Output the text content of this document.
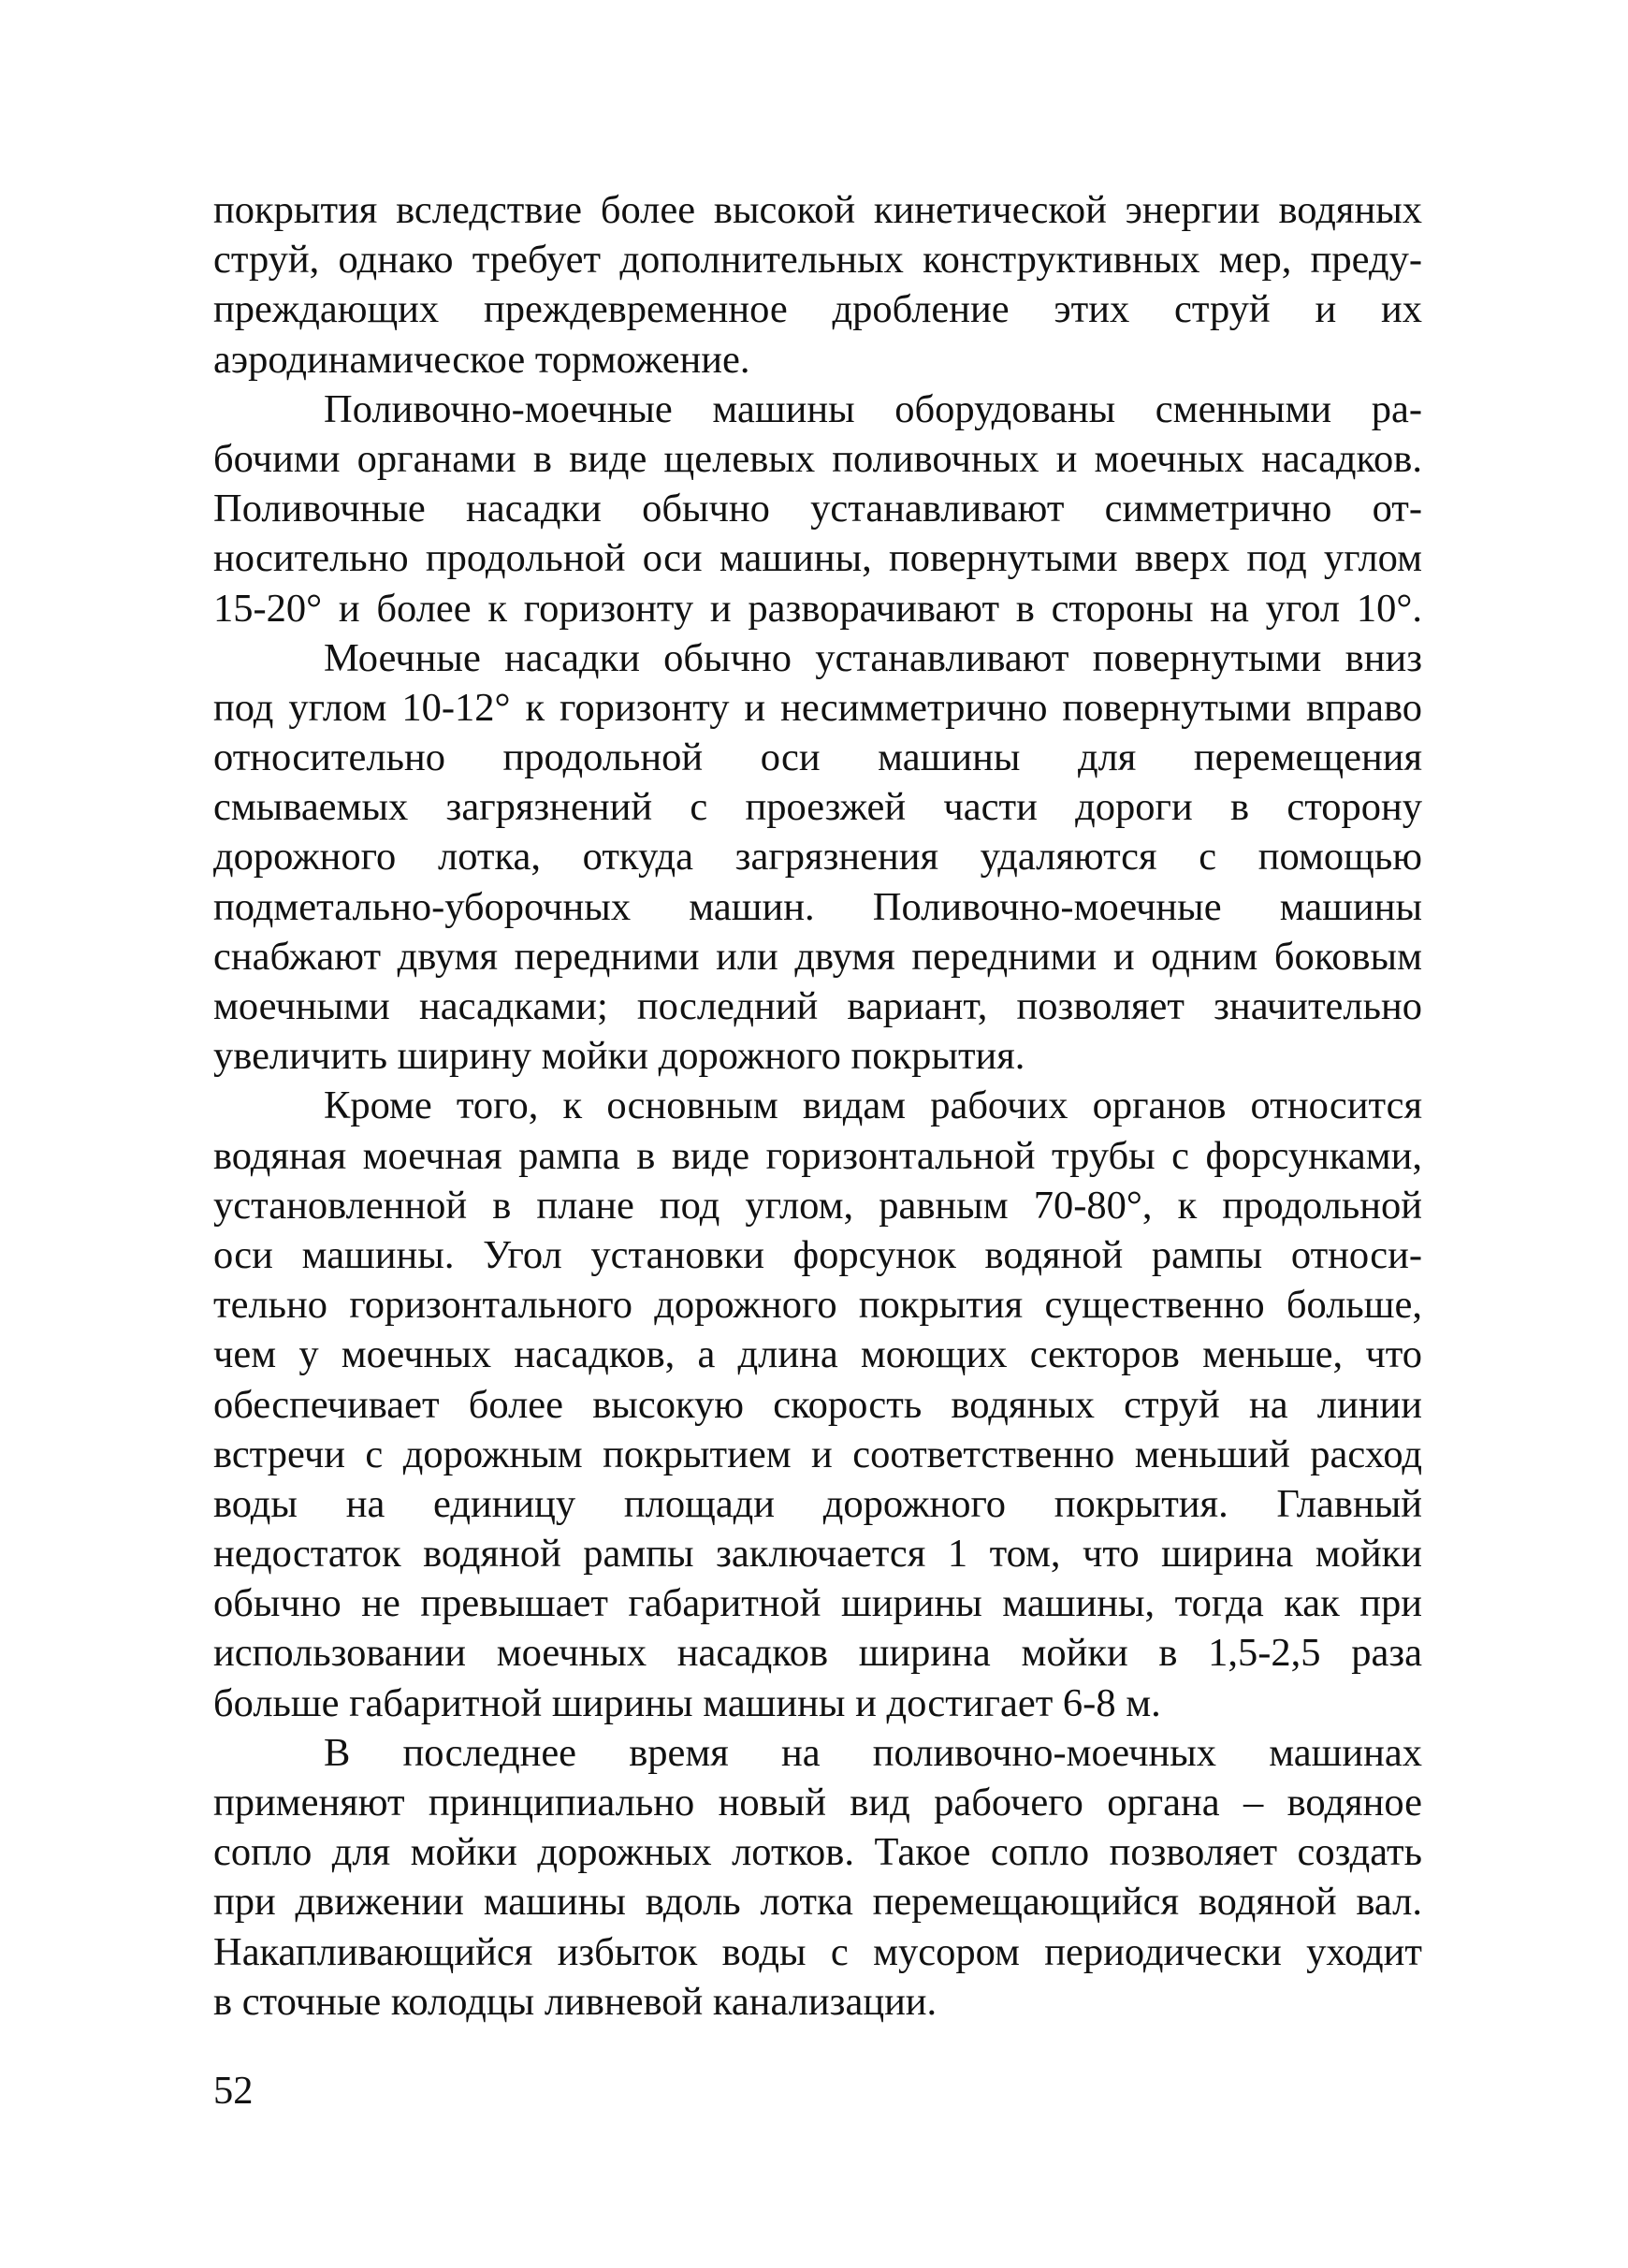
покрытия вследствие более высокой кинетической энергии водяных
струй, однако требует дополнительных конструктивных мер, преду-
преждающих преждевременное дробление этих струй и их
аэродинамическое торможение.
Поливочно-моечные машины оборудованы сменными ра-
бочими органами в виде щелевых поливочных и моечных насадков.
Поливочные насадки обычно устанавливают симметрично от-
носительно продольной оси машины, повернутыми вверх под углом
15-20° и более к горизонту и разворачивают в стороны на угол 10°.
Моечные насадки обычно устанавливают повернутыми вниз
под углом 10-12° к горизонту и несимметрично повернутыми вправо
относительно продольной оси машины для перемещения
смываемых загрязнений с проезжей части дороги в сторону
дорожного лотка, откуда загрязнения удаляются с помощью
подметально-уборочных машин. Поливочно-моечные машины
снабжают двумя передними или двумя передними и одним боковым
моечными насадками; последний вариант, позволяет значительно
увеличить ширину мойки дорожного покрытия.
Кроме того, к основным видам рабочих органов относится
водяная моечная рампа в виде горизонтальной трубы с форсунками,
установленной в плане под углом, равным 70-80°, к продольной
оси машины. Угол установки форсунок водяной рампы относи-
тельно горизонтального дорожного покрытия существенно больше,
чем у моечных насадков, а длина моющих секторов меньше, что
обеспечивает более высокую скорость водяных струй на линии
встречи с дорожным покрытием и соответственно меньший расход
воды на единицу площади дорожного покрытия. Главный
недостаток водяной рампы заключается 1 том, что ширина мойки
обычно не превышает габаритной ширины машины, тогда как при
использовании моечных насадков ширина мойки в 1,5-2,5 раза
больше габаритной ширины машины и достигает 6-8 м.
В последнее время на поливочно-моечных машинах
применяют принципиально новый вид рабочего органа – водяное
сопло для мойки дорожных лотков. Такое сопло позволяет создать
при движении машины вдоль лотка перемещающийся водяной вал.
Накапливающийся избыток воды с мусором периодически уходит
в сточные колодцы ливневой канализации.
52
